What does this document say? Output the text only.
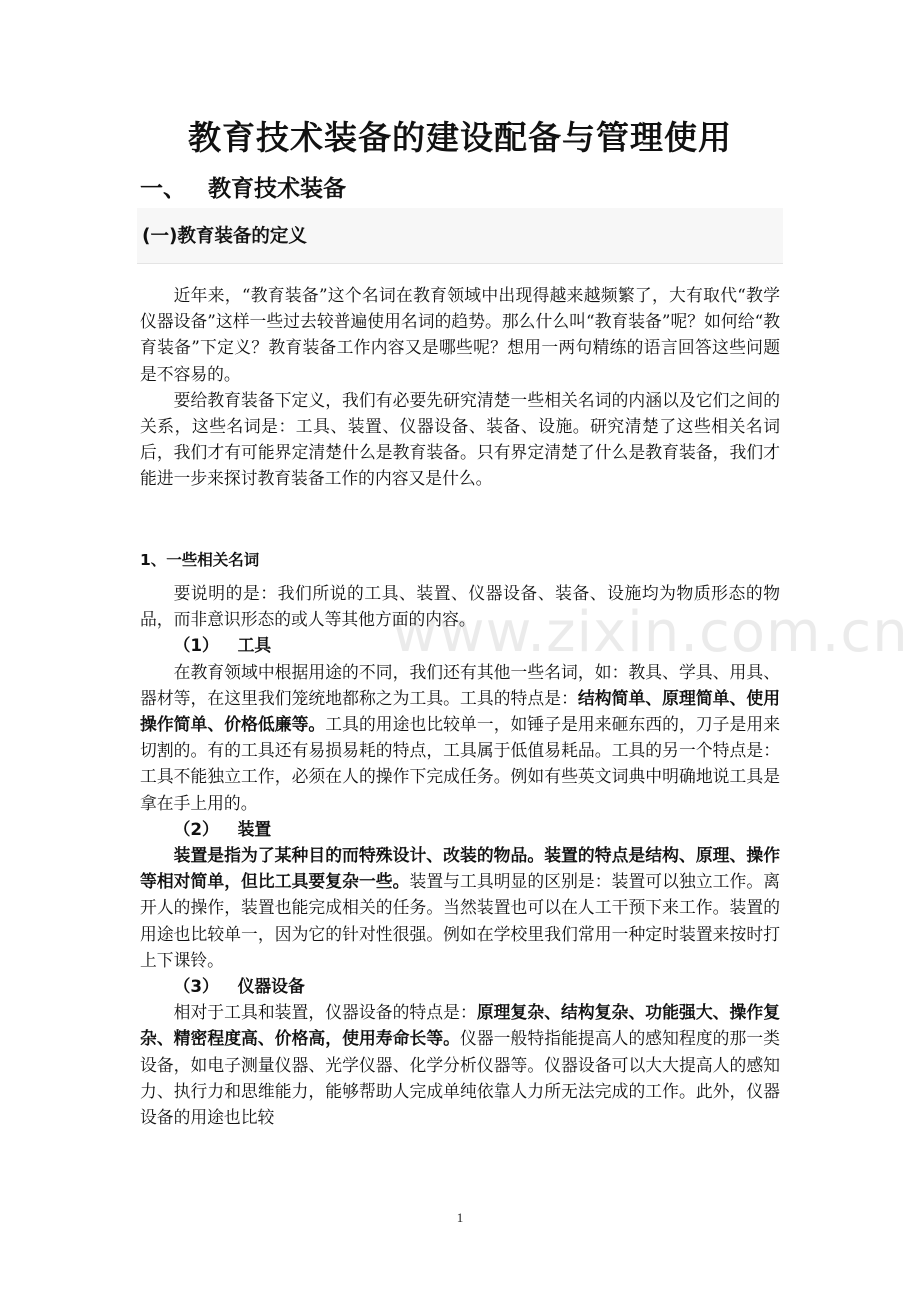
教育技术装备的建设配备与管理使用
一、 教育技术装备
(一)教育装备的定义

近年来，“教育装备”这个名词在教育领域中出现得越来越频繁了，大有取代“教学仪器设备”这样一些过去较普遍使用名词的趋势。那么什么叫“教育装备”呢？如何给“教育装备”下定义？教育装备工作内容又是哪些呢？想用一两句精练的语言回答这些问题是不容易的。

要给教育装备下定义，我们有必要先研究清楚一些相关名词的内涵以及它们之间的关系，这些名词是：工具、装置、仪器设备、装备、设施。研究清楚了这些相关名词后，我们才有可能界定清楚什么是教育装备。只有界定清楚了什么是教育装备，我们才能进一步来探讨教育装备工作的内容又是什么。

1、一些相关名词

要说明的是：我们所说的工具、装置、仪器设备、装备、设施均为物质形态的物品，而非意识形态的或人等其他方面的内容。

（1） 工具

在教育领域中根据用途的不同，我们还有其他一些名词，如：教具、学具、用具、器材等，在这里我们笼统地都称之为工具。工具的特点是：结构简单、原理简单、使用操作简单、价格低廉等。工具的用途也比较单一，如锤子是用来砸东西的，刀子是用来切割的。有的工具还有易损易耗的特点，工具属于低值易耗品。工具的另一个特点是：工具不能独立工作，必须在人的操作下完成任务。例如有些英文词典中明确地说工具是拿在手上用的。

（2） 装置

装置是指为了某种目的而特殊设计、改装的物品。装置的特点是结构、原理、操作等相对简单，但比工具要复杂一些。装置与工具明显的区别是：装置可以独立工作。离开人的操作，装置也能完成相关的任务。当然装置也可以在人工干预下来工作。装置的用途也比较单一，因为它的针对性很强。例如在学校里我们常用一种定时装置来按时打上下课铃。

（3） 仪器设备

相对于工具和装置，仪器设备的特点是：原理复杂、结构复杂、功能强大、操作复杂、精密程度高、价格高，使用寿命长等。仪器一般特指能提高人的感知程度的那一类设备，如电子测量仪器、光学仪器、化学分析仪器等。仪器设备可以大大提高人的感知力、执行力和思维能力，能够帮助人完成单纯依靠人力所无法完成的工作。此外，仪器设备的用途也比较

www.zixin.com.cn
1
